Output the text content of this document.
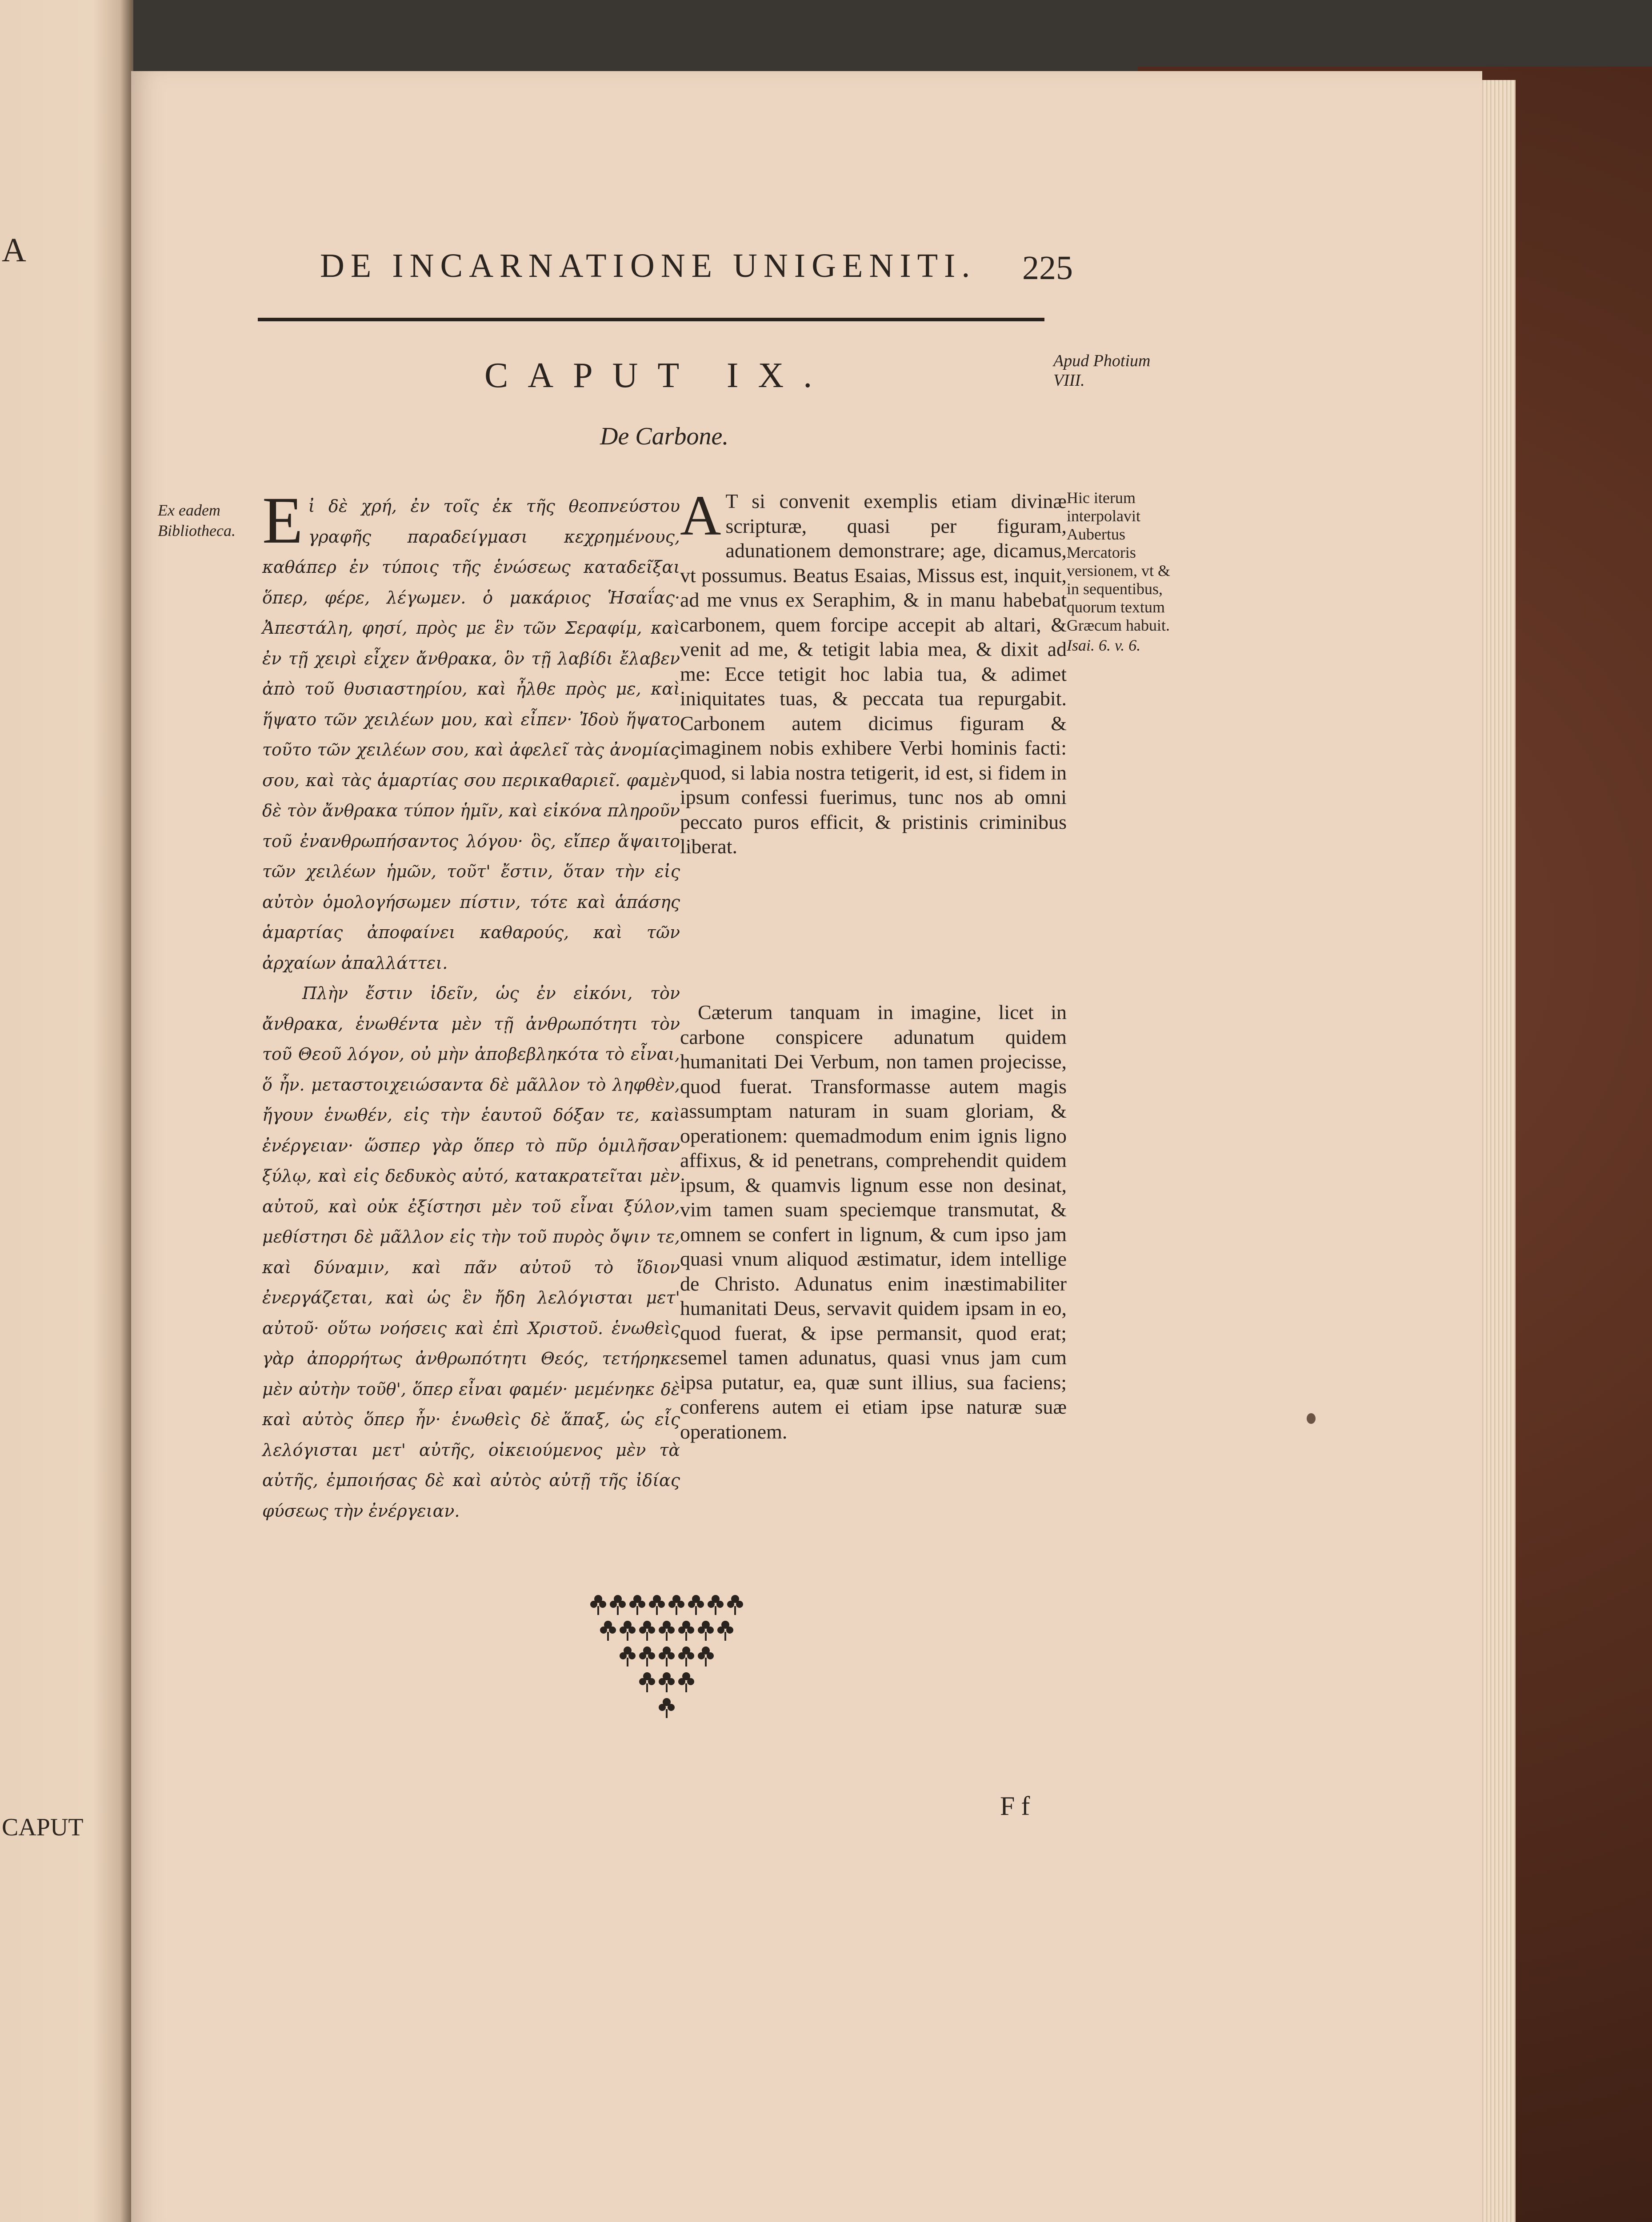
A
CAPUT
DE INCARNATIONE UNIGENITI. 225
CAPUT IX.	Apud Photium VIII.
De Carbone.
Ex eadem Bibliotheca. Eἰ δὲ χρή, ἐν τοῖς ἐκ τῆς θεοπνεύστου γραφῆς παραδείγμασι κεχρημένους, καθάπερ ἐν τύποις τῆς ἑνώσεως καταδεῖξαι ὅπερ, φέρε, λέγωμεν. ὁ μακάριος Ἡσαΐας· Ἀπεστάλη, φησί, πρὸς με ἓν τῶν Σεραφίμ, καὶ ἐν τῇ χειρὶ εἶχεν ἄνθρακα, ὃν τῇ λαβίδι ἔλαβεν ἀπὸ τοῦ θυσιαστηρίου, καὶ ἦλθε πρὸς με, καὶ ἥψατο τῶν χειλέων μου, καὶ εἶπεν· Ἰδοὺ ἥψατο τοῦτο τῶν χειλέων σου, καὶ ἀφελεῖ τὰς ἀνομίας σου, καὶ τὰς ἁμαρτίας σου περικαθαριεῖ. φαμὲν δὲ τὸν ἄνθρακα τύπον ἡμῖν, καὶ εἰκόνα πληροῦν τοῦ ἐνανθρωπήσαντος λόγου· ὃς, εἴπερ ἅψαιτο τῶν χειλέων ἡμῶν, τοῦτ' ἔστιν, ὅταν τὴν εἰς αὐτὸν ὁμολογήσωμεν πίστιν, τότε καὶ ἁπάσης ἁμαρτίας ἀποφαίνει καθαρούς, καὶ τῶν ἀρχαίων ἀπαλλάττει.

Πλὴν ἔστιν ἰδεῖν, ὡς ἐν εἰκόνι, τὸν ἄνθρακα, ἑνωθέντα μὲν τῇ ἀνθρωπότητι τὸν τοῦ Θεοῦ λόγον, οὐ μὴν ἀποβεβληκότα τὸ εἶναι, ὅ ἦν. μεταστοιχειώσαντα δὲ μᾶλλον τὸ ληφθὲν, ἤγουν ἑνωθέν, εἰς τὴν ἑαυτοῦ δόξαν τε, καὶ ἐνέργειαν· ὥσπερ γὰρ ὅπερ τὸ πῦρ ὁμιλῆσαν ξύλῳ, καὶ εἰς δεδυκὸς αὐτό, κατακρατεῖται μὲν αὐτοῦ, καὶ οὐκ ἐξίστησι μὲν τοῦ εἶναι ξύλον, μεθίστησι δὲ μᾶλλον εἰς τὴν τοῦ πυρὸς ὄψιν τε, καὶ δύναμιν, καὶ πᾶν αὐτοῦ τὸ ἴδιον ἐνεργάζεται, καὶ ὡς ἓν ἤδη λελόγισται μετ' αὐτοῦ· οὕτω νοήσεις καὶ ἐπὶ Χριστοῦ. ἑνωθεὶς γὰρ ἀπορρήτως ἀνθρωπότητι Θεός, τετήρηκε μὲν αὐτὴν τοῦθ', ὅπερ εἶναι φαμέν· μεμένηκε δὲ καὶ αὐτὸς ὅπερ ἦν· ἑνωθεὶς δὲ ἅπαξ, ὡς εἷς λελόγισται μετ' αὐτῆς, οἰκειούμενος μὲν τὰ αὐτῆς, ἐμποιήσας δὲ καὶ αὐτὸς αὐτῇ τῆς ἰδίας φύσεως τὴν ἐνέργειαν.

A T si convenit exemplis etiam divinæ scripturæ, quasi per figuram, adunationem demonstrare; age, dicamus, vt possumus. Beatus Esaias, Missus est, inquit, ad me vnus ex Seraphim, & in manu habebat carbonem, quem forcipe accepit ab altari, & venit ad me, & tetigit labia mea, & dixit ad me: Ecce tetigit hoc labia tua, & adimet iniquitates tuas, & peccata tua repurgabit. Carbonem autem dicimus figuram & imaginem nobis exhibere Verbi hominis facti: quod, si labia nostra tetigerit, id est, si fidem in ipsum confessi fuerimus, tunc nos ab omni peccato puros efficit, & pristinis criminibus liberat.

Cæterum tanquam in imagine, licet in carbone conspicere adunatum quidem humanitati Dei Verbum, non tamen projecisse, quod fuerat. Transformasse autem magis assumptam naturam in suam gloriam, & operationem: quemadmodum enim ignis ligno affixus, & id penetrans, comprehendit quidem ipsum, & quamvis lignum esse non desinat, vim tamen suam speciemque transmutat, & omnem se confert in lignum, & cum ipso jam quasi vnum aliquod æstimatur, idem intellige de Christo. Adunatus enim inæstimabiliter humanitati Deus, servavit quidem ipsam in eo, quod fuerat, & ipse permansit, quod erat; semel tamen adunatus, quasi vnus jam cum ipsa putatur, ea, quæ sunt illius, sua faciens; conferens autem ei etiam ipse naturæ suæ operationem.

Hic iterum interpolavit Aubertus Mercatoris versionem, vt & in sequentibus, quorum textum Græcum habuit.
Isai. 6. v. 6.
Ff
